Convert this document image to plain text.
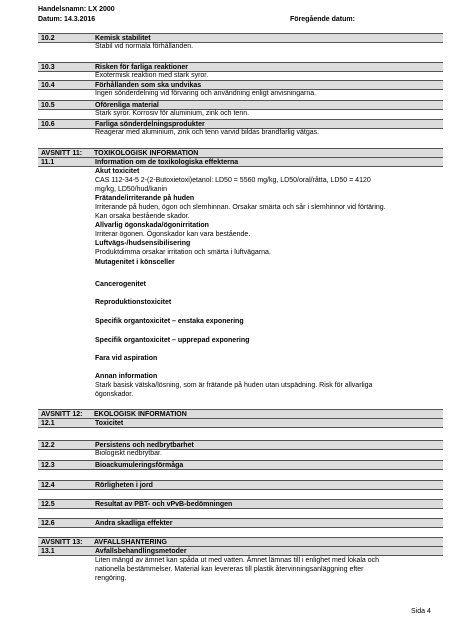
Handelsnamn: LX 2000
Datum: 14.3.2016	Föregående datum:
10.2	Kemisk stabilitet
Stabil vid normala förhållanden.
10.3	Risken för farliga reaktioner
Exotermisk reaktion med stark syror.
10.4	Förhållanden som ska undvikas
Ingen sönderdelning vid förvaring och användning enligt anvisningarna.
10.5	Oförenliga material
Stark syror. Korrosiv för aluminium, zink och tenn.
10.6	Farliga sönderdelningsprodukter
Reagerar med aluminium, zink och tenn varvid bildas brandfarlig vätgas.
AVSNITT 11: TOXIKOLOGISK INFORMATION
11.1	Information om de toxikologiska effekterna
Akut toxicitet
CAS 112-34-5 2-(2-Butoxietoxi)etanol: LD50 = 5560 mg/kg, LD50/oral/råtta, LD50 = 4120
mg/kg, LD50/hud/kanin
Frätande/irriterande på huden
Irriterande på huden, ögon och slemhinnan. Orsakar smärta och sår i slemhinnor vid förtäring.
Kan orsaka bestående skador.
Allvarlig ögonskada/ögonirritation
Irriterar ögonen. Ögonskador kan vara bestående.
Luftvägs-/hudsensibilisering
Produktdimma orsakar irritation och smärta i luftvägarna.
Mutagenitet i könsceller
Cancerogenitet
Reproduktionstoxicitet
Specifik organtoxicitet – enstaka exponering
Specifik organtoxicitet – upprepad exponering
Fara vid aspiration
Annan information
Stark basisk vätska/lösning, som är frätande på huden utan utspädning. Risk för allvarliga
ögonskador.
AVSNITT 12: EKOLOGISK INFORMATION
12.1	Toxicitet
12.2	Persistens och nedbrytbarhet
Biologiskt nedbrytbar.
12.3	Bioackumuleringsförmåga
12.4	Rörligheten i jord
12.5	Resultat av PBT- och vPvB-bedömningen
12.6	Andra skadliga effekter
AVSNITT 13: AVFALLSHANTERING
13.1	Avfallsbehandlingsmetoder
Liten mängd av ämnet kan spåda ut med vatten. Ämnet lämnas till i enlighet med lokala och
nationella bestämmelser. Material kan levereras till plastik återvinningsanläggning efter
rengöring.
Sida 4
